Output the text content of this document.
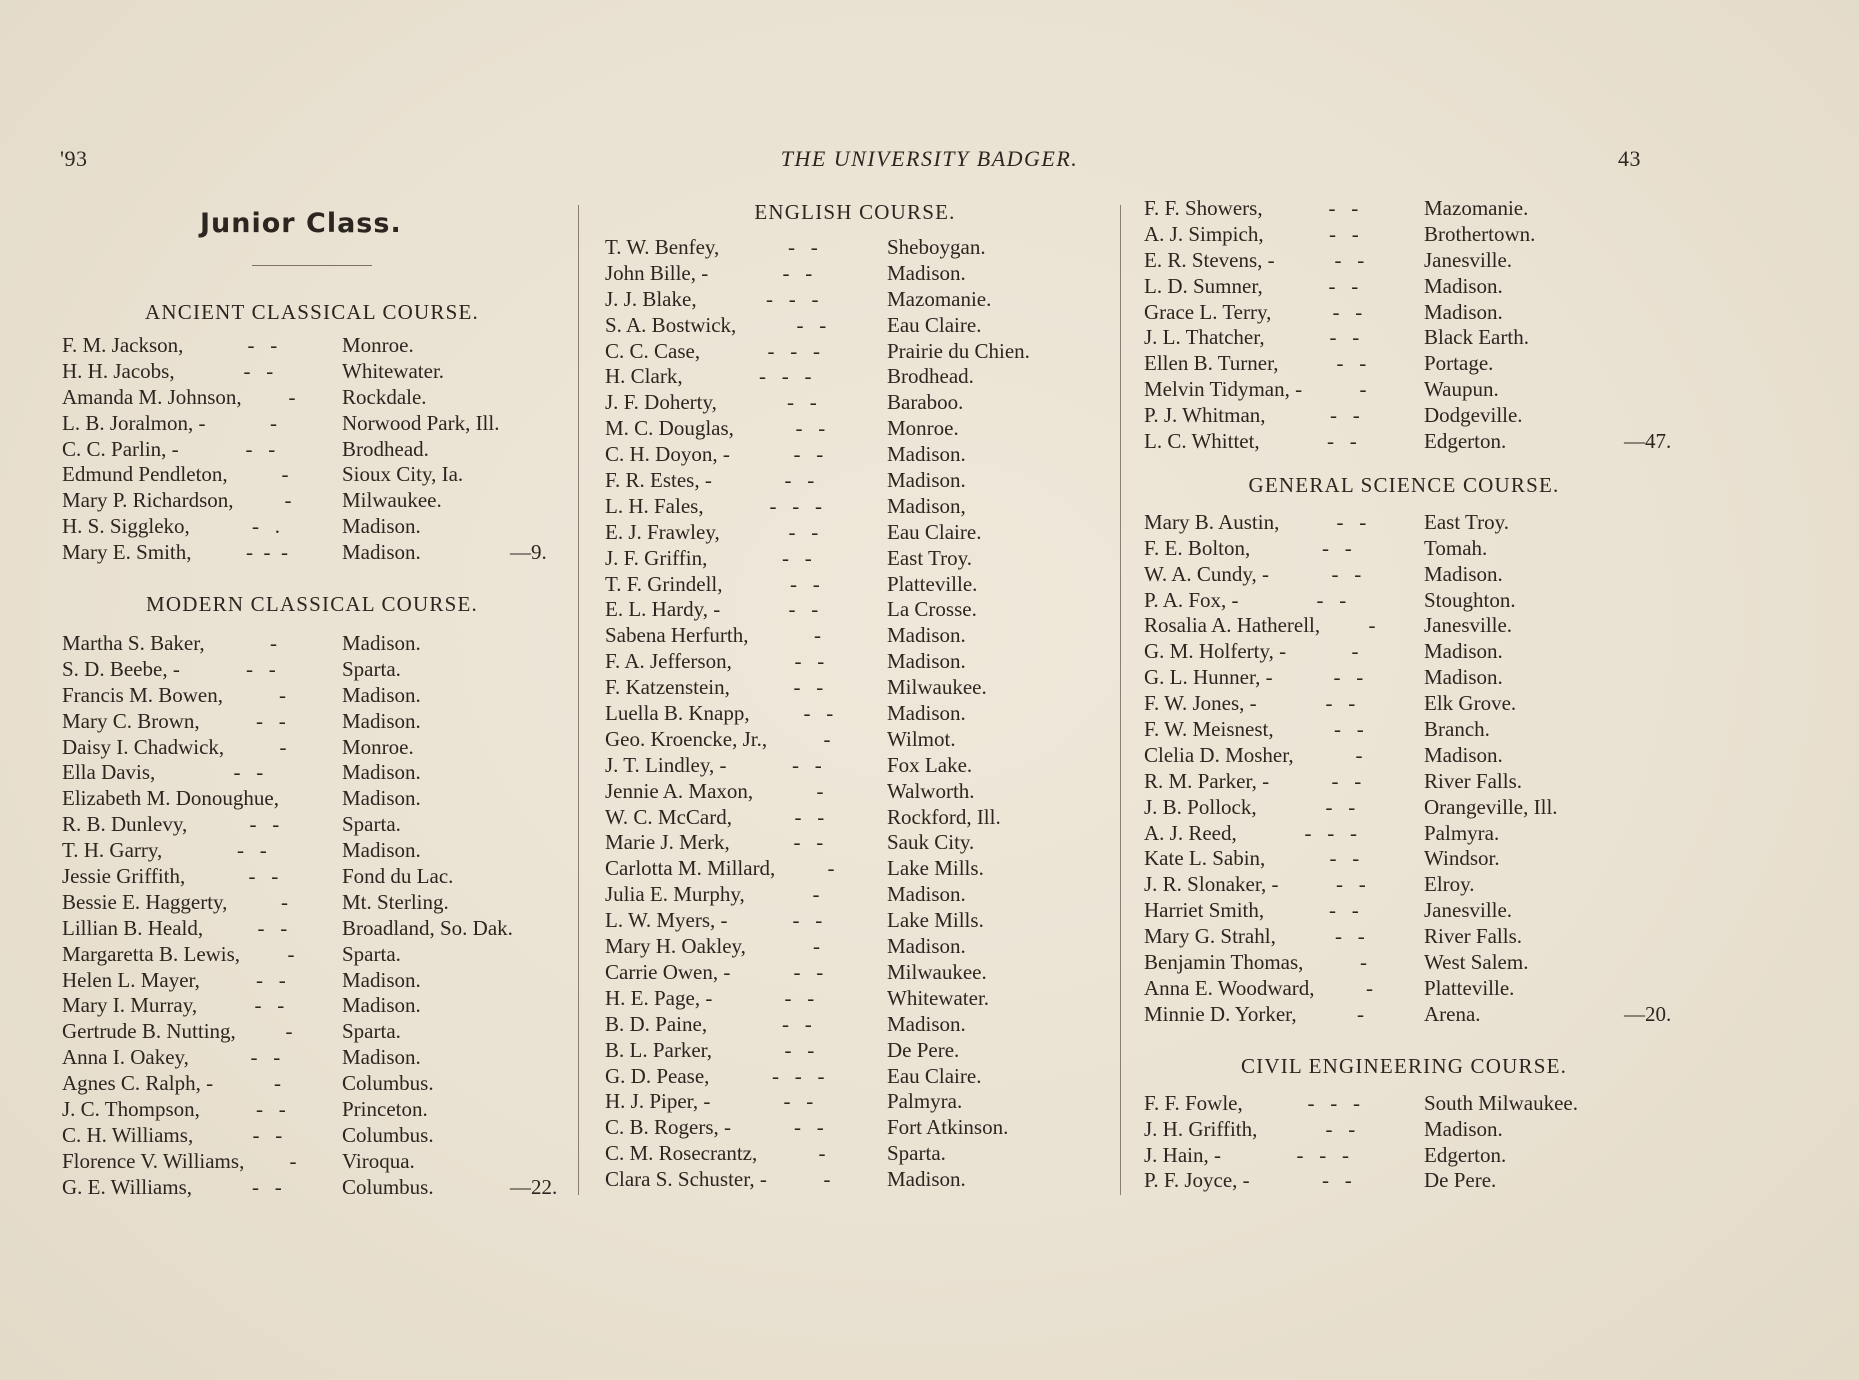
'93	THE UNIVERSITY BADGER.	43
Junior Class.
ANCIENT CLASSICAL COURSE.
F. M. Jackson,	-   -	Monroe.
H. H. Jacobs,	-   -	Whitewater.
Amanda M. Johnson, - Rockdale.
L. B. Joralmon, -	-	Norwood Park, Ill.
C. C. Parlin, -	-   -	Brodhead.
Edmund Pendleton,	-	Sioux City, Ia.
Mary P. Richardson, - Milwaukee.
H. S. Siggleko,	-   .	Madison.
Mary E. Smith,	-  -  -	Madison.	—9.
MODERN CLASSICAL COURSE.
Martha S. Baker,	-	Madison.
S. D. Beebe, -	-   -	Sparta.
Francis M. Bowen,	-	Madison.
Mary C. Brown,	-   -	Madison.
Daisy I. Chadwick,	-	Monroe.
Ella Davis,	-   -	Madison.
Elizabeth M. Donoughue,	Madison.
R. B. Dunlevy,	-   -	Sparta.
T. H. Garry,	-   -	Madison.
Jessie Griffith,	-   -	Fond du Lac.
Bessie E. Haggerty,	-	Mt. Sterling.
Lillian B. Heald,	-   -	Broadland, So. Dak.
Margaretta B. Lewis, - Sparta.
Helen L. Mayer,	-   -	Madison.
Mary I. Murray,	-   -	Madison.
Gertrude B. Nutting, - Sparta.
Anna I. Oakey,	-   -	Madison.
Agnes C. Ralph, -	-	Columbus.
J. C. Thompson,	-   -	Princeton.
C. H. Williams,	-   -	Columbus.
Florence V. Williams, - Viroqua.
G. E. Williams,	-   -	Columbus.	—22.
ENGLISH COURSE.
T. W. Benfey,	-   -	Sheboygan.
John Bille, -	-   -	Madison.
J. J. Blake,	-   -   -	Mazomanie.
S. A. Bostwick,	-   -	Eau Claire.
C. C. Case,	-   -   -	Prairie du Chien.
H. Clark,	-   -   -	Brodhead.
J. F. Doherty,	-   -	Baraboo.
M. C. Douglas,	-   -	Monroe.
C. H. Doyon, -	-   -	Madison.
F. R. Estes, -	-   -	Madison.
L. H. Fales,	-   -   -	Madison,
E. J. Frawley,	-   -	Eau Claire.
J. F. Griffin,	-   -	East Troy.
T. F. Grindell,	-   -	Platteville.
E. L. Hardy, -	-   -	La Crosse.
Sabena Herfurth,	-	Madison.
F. A. Jefferson,	-   -	Madison.
F. Katzenstein,	-   -	Milwaukee.
Luella B. Knapp,	-   -	Madison.
Geo. Kroencke, Jr.,	-	Wilmot.
J. T. Lindley, -	-   -	Fox Lake.
Jennie A. Maxon,	-	Walworth.
W. C. McCard,	-   -	Rockford, Ill.
Marie J. Merk,	-   -	Sauk City.
Carlotta M. Millard, -	Lake Mills.
Julia E. Murphy,	-	Madison.
L. W. Myers, -	-   -	Lake Mills.
Mary H. Oakley,	-	Madison.
Carrie Owen, -	-   -	Milwaukee.
H. E. Page, -	-   -	Whitewater.
B. D. Paine,	-   -	Madison.
B. L. Parker,	-   -	De Pere.
G. D. Pease,	-   -   -	Eau Claire.
H. J. Piper, -	-   -	Palmyra.
C. B. Rogers, -	-   -	Fort Atkinson.
C. M. Rosecrantz,	-	Sparta.
Clara S. Schuster, -	-	Madison.
F. F. Showers,	-   -	Mazomanie.
A. J. Simpich,	-   -	Brothertown.
E. R. Stevens, -	-   -	Janesville.
L. D. Sumner,	-   -	Madison.
Grace L. Terry,	-   -	Madison.
J. L. Thatcher,	-   -	Black Earth.
Ellen B. Turner,	-   -	Portage.
Melvin Tidyman, -	-	Waupun.
P. J. Whitman,	-   -	Dodgeville.
L. C. Whittet,	-   -	Edgerton.	—47.
GENERAL SCIENCE COURSE.
Mary B. Austin,	-   -	East Troy.
F. E. Bolton,	-   -	Tomah.
W. A. Cundy, -	-   -	Madison.
P. A. Fox, -	-   -	Stoughton.
Rosalia A. Hatherell, - Janesville.
G. M. Holferty, -	-	Madison.
G. L. Hunner, -	-   -	Madison.
F. W. Jones, -	-   -	Elk Grove.
F. W. Meisnest,	-   -	Branch.
Clelia D. Mosher,	-	Madison.
R. M. Parker, -	-   -	River Falls.
J. B. Pollock,	-   -	Orangeville, Ill.
A. J. Reed,	-   -   -	Palmyra.
Kate L. Sabin,	-   -	Windsor.
J. R. Slonaker, -	-   -	Elroy.
Harriet Smith,	-   -	Janesville.
Mary G. Strahl,	-   -	River Falls.
Benjamin Thomas,	-	West Salem.
Anna E. Woodward, - Platteville.
Minnie D. Yorker,	-	Arena.	—20.
CIVIL ENGINEERING COURSE.
F. F. Fowle,	-   -   -	South Milwaukee.
J. H. Griffith,	-   -	Madison.
J. Hain, -	-   -   -	Edgerton.
P. F. Joyce, -	-   -	De Pere.
